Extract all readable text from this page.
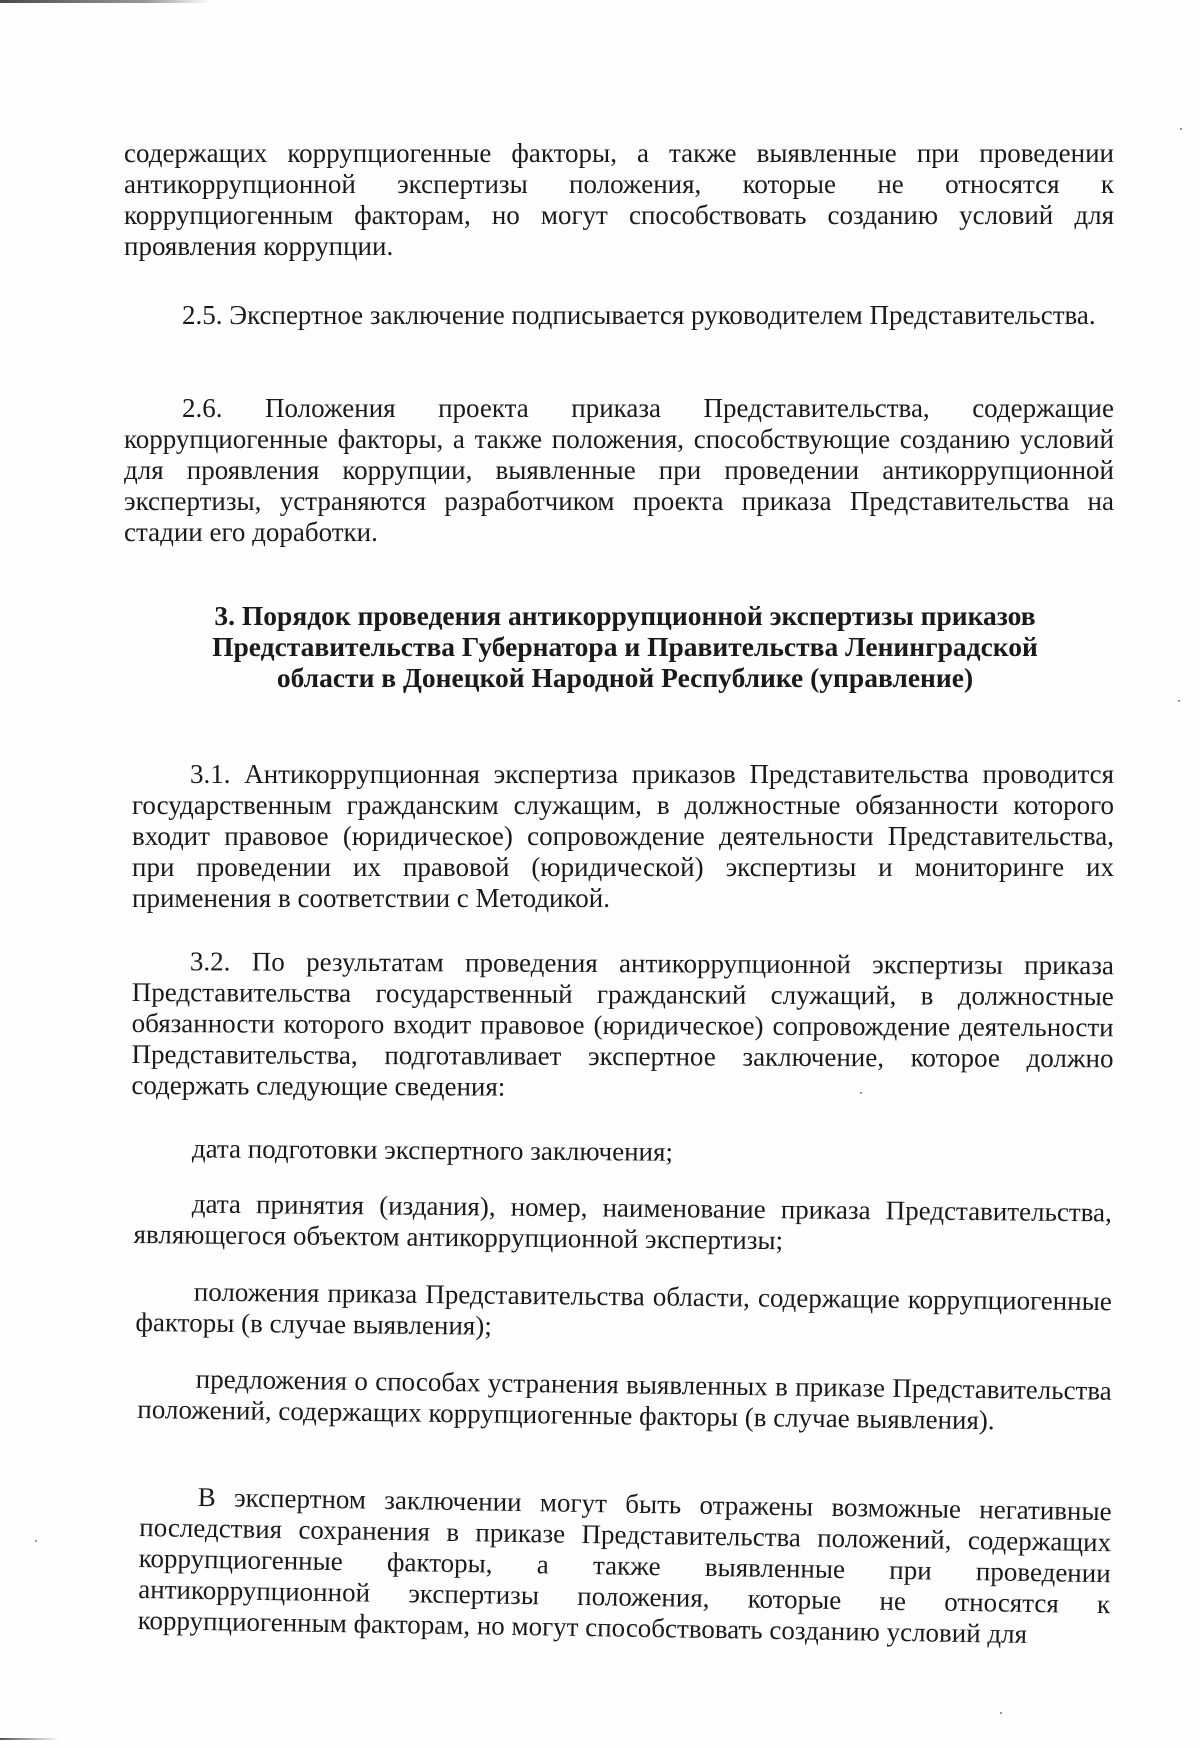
содержащих коррупциогенные факторы, а также выявленные при проведении антикоррупционной экспертизы положения, которые не относятся к коррупциогенным факторам, но могут способствовать созданию условий для проявления коррупции.

2.5. Экспертное заключение подписывается руководителем Представительства.

2.6. Положения проекта приказа Представительства, содержащие коррупциогенные факторы, а также положения, способствующие созданию условий для проявления коррупции, выявленные при проведении антикоррупционной экспертизы, устраняются разработчиком проекта приказа Представительства на стадии его доработки.

3. Порядок проведения антикоррупционной экспертизы приказов Представительства Губернатора и Правительства Ленинградской области в Донецкой Народной Республике (управление)

3.1. Антикоррупционная экспертиза приказов Представительства проводится государственным гражданским служащим, в должностные обязанности которого входит правовое (юридическое) сопровождение деятельности Представительства, при проведении их правовой (юридической) экспертизы и мониторинге их применения в соответствии с Методикой.

3.2. По результатам проведения антикоррупционной экспертизы приказа Представительства государственный гражданский служащий, в должностные обязанности которого входит правовое (юридическое) сопровождение деятельности Представительства, подготавливает экспертное заключение, которое должно содержать следующие сведения:

дата подготовки экспертного заключения;

дата принятия (издания), номер, наименование приказа Представительства, являющегося объектом антикоррупционной экспертизы;

положения приказа Представительства области, содержащие коррупциогенные факторы (в случае выявления);

предложения о способах устранения выявленных в приказе Представительства положений, содержащих коррупциогенные факторы (в случае выявления).

В экспертном заключении могут быть отражены возможные негативные последствия сохранения в приказе Представительства положений, содержащих коррупциогенные факторы, а также выявленные при проведении антикоррупционной экспертизы положения, которые не относятся к коррупциогенным факторам, но могут способствовать созданию условий для
